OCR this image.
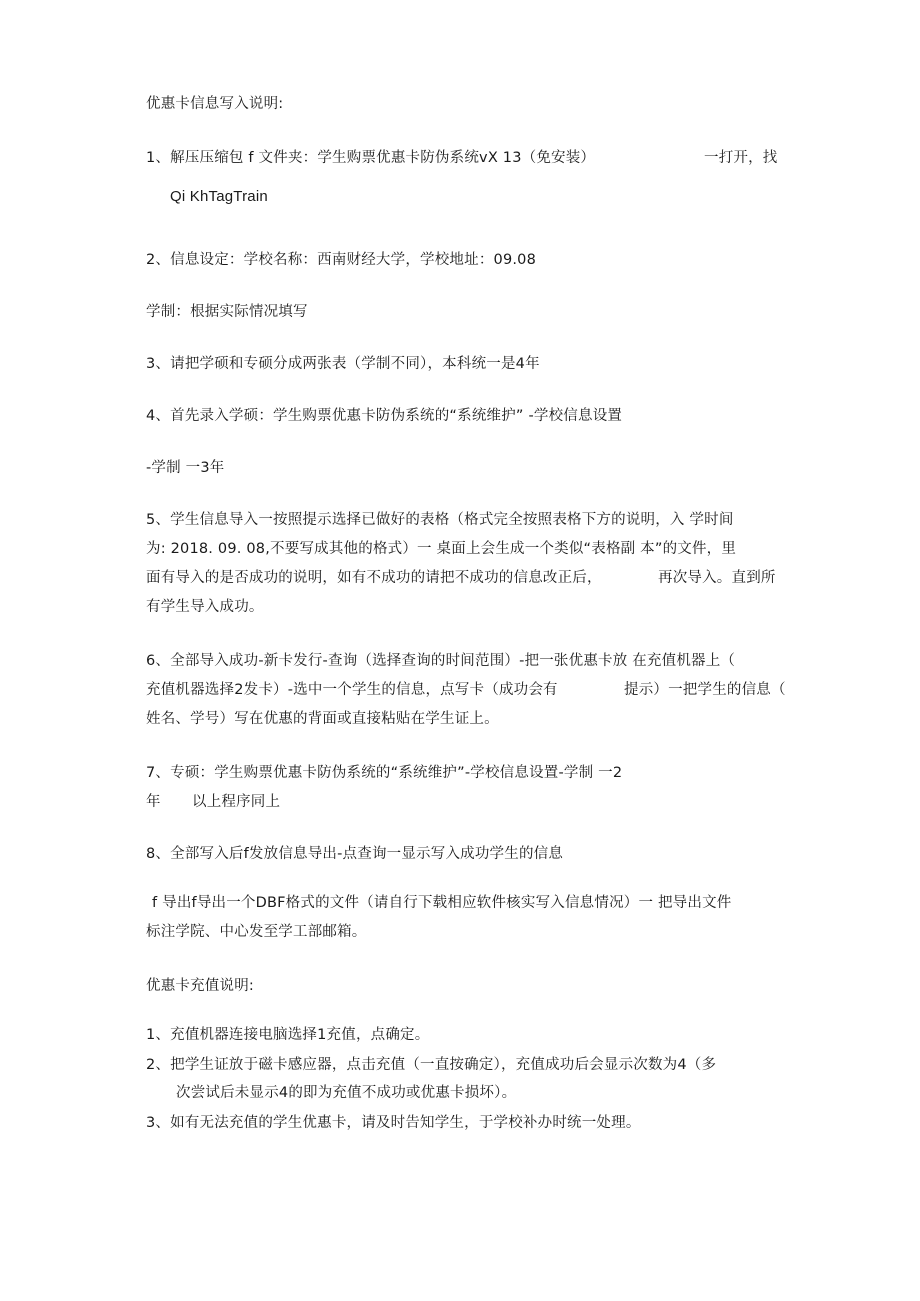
优惠卡信息写入说明:
1、解压压缩包 f 文件夹：学生购票优惠卡防伪系统vX 13（免安装）	一打开，找
Qi KhTagTrain
2、信息设定：学校名称：西南财经大学，学校地址：09.08
学制：根据实际情况填写
3、请把学硕和专硕分成两张表（学制不同），本科统一是4年
4、首先录入学硕：学生购票优惠卡防伪系统的“系统维护” -学校信息设置
-学制 一3年
5、学生信息导入一按照提示选择已做好的表格（格式完全按照表格下方的说明，入 学时间
为: 2018. 09. 08,不要写成其他的格式）一 桌面上会生成一个类似“表格副 本”的文件，里
面有导入的是否成功的说明，如有不成功的请把不成功的信息改正后，	再次导入。直到所
有学生导入成功。
6、全部导入成功-新卡发行-查询（选择查询的时间范围）-把一张优惠卡放 在充值机器上（
充值机器选择2发卡）-选中一个学生的信息，点写卡（成功会有	提示）一把学生的信息（
姓名、学号）写在优惠的背面或直接粘贴在学生证上。
7、专硕：学生购票优惠卡防伪系统的“系统维护”-学校信息设置-学制 一2
年 以上程序同上
8、全部写入后f发放信息导出-点查询一显示写入成功学生的信息
f 导出f导出一个DBF格式的文件（请自行下载相应软件核实写入信息情况）一 把导出文件
标注学院、中心发至学工部邮箱。
优惠卡充值说明:
1、充值机器连接电脑选择1充值，点确定。
2、把学生证放于磁卡感应器，点击充值（一直按确定），充值成功后会显示次数为4（多
次尝试后未显示4的即为充值不成功或优惠卡损坏）。
3、如有无法充值的学生优惠卡，请及时告知学生，于学校补办时统一处理。
